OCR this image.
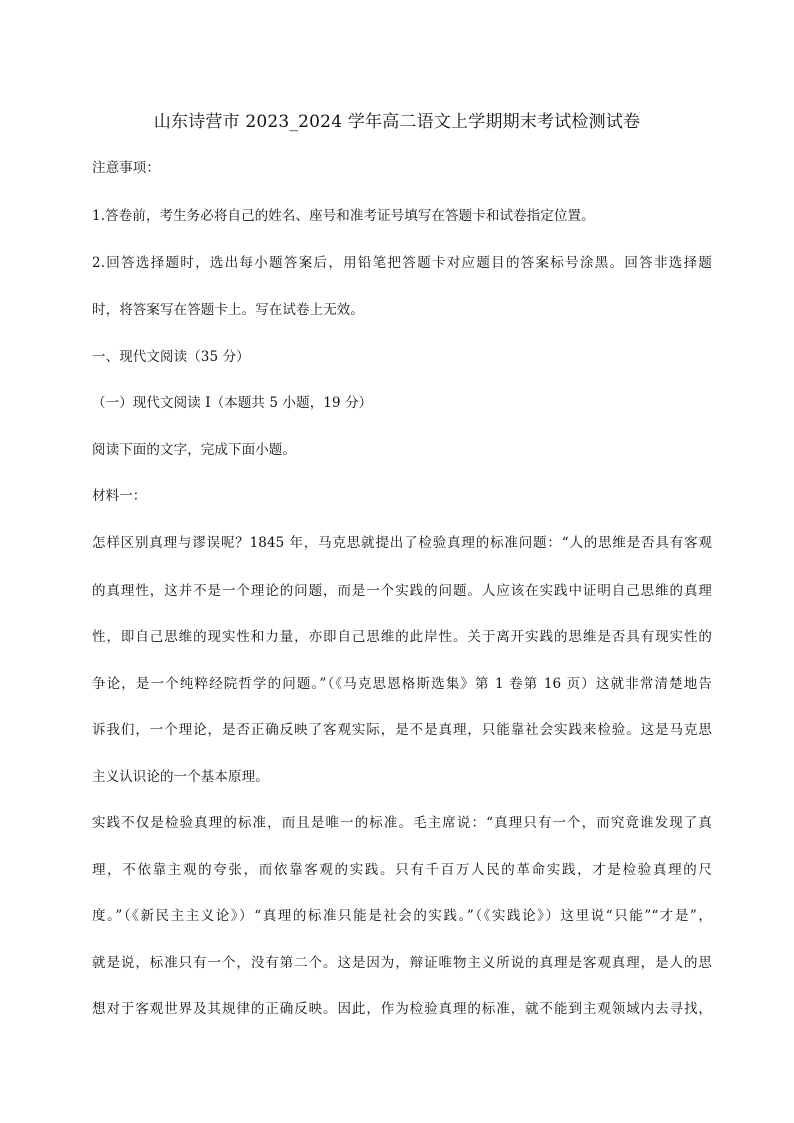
山东诗营市 2023_2024 学年高二语文上学期期末考试检测试卷
注意事项：
1.答卷前，考生务必将自己的姓名、座号和准考证号填写在答题卡和试卷指定位置。
2.回答选择题时，选出每小题答案后，用铅笔把答题卡对应题目的答案标号涂黑。回答非选择题
时，将答案写在答题卡上。写在试卷上无效。
一、现代文阅读（35 分）
（一）现代文阅读 I（本题共 5 小题，19 分）
阅读下面的文字，完成下面小题。
材料一：
怎样区别真理与谬误呢？1845 年，马克思就提出了检验真理的标准问题：“人的思维是否具有客观
的真理性，这并不是一个理论的问题，而是一个实践的问题。人应该在实践中证明自己思维的真理
性，即自己思维的现实性和力量，亦即自己思维的此岸性。关于离开实践的思维是否具有现实性的
争论，是一个纯粹经院哲学的问题。”（《马克思恩格斯选集》第 1 卷第 16 页）这就非常清楚地告
诉我们，一个理论，是否正确反映了客观实际，是不是真理，只能靠社会实践来检验。这是马克思
主义认识论的一个基本原理。
实践不仅是检验真理的标准，而且是唯一的标准。毛主席说：“真理只有一个，而究竟谁发现了真
理，不依靠主观的夸张，而依靠客观的实践。只有千百万人民的革命实践，才是检验真理的尺
度。”（《新民主主义论》）“真理的标准只能是社会的实践。”（《实践论》）这里说“只能”“才是”，
就是说，标准只有一个，没有第二个。这是因为，辩证唯物主义所说的真理是客观真理，是人的思
想对于客观世界及其规律的正确反映。因此，作为检验真理的标准，就不能到主观领域内去寻找，
